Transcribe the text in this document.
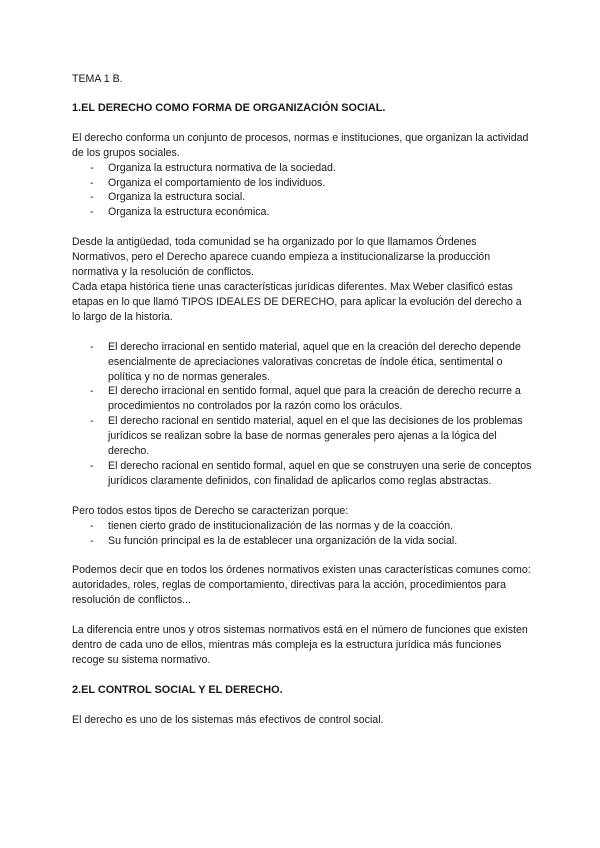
TEMA 1 B.

1.EL DERECHO COMO FORMA DE ORGANIZACIÓN SOCIAL.

El derecho conforma un conjunto de procesos, normas e instituciones, que organizan la actividad de los grupos sociales.

- Organiza la estructura normativa de la sociedad.
- Organiza el comportamiento de los individuos.
- Organiza la estructura social.
- Organiza la estructura económica.

Desde la antigüedad, toda comunidad se ha organizado por lo que llamamos Órdenes Normativos, pero el Derecho aparece cuando empieza a institucionalizarse la producción normativa y la resolución de conflictos.

Cada etapa histórica tiene unas características jurídicas diferentes. Max Weber clasificó estas etapas en lo que llamó TIPOS IDEALES DE DERECHO, para aplicar la evolución del derecho a lo largo de la historia.

- El derecho irracional en sentido material, aquel que en la creación del derecho depende esencialmente de apreciaciones valorativas concretas de índole ética, sentimental o política y no de normas generales.
- El derecho irracional en sentido formal, aquel que para la creación de derecho recurre a procedimientos no controlados por la razón como los oráculos.
- El derecho racional en sentido material, aquel en el que las decisiones de los problemas jurídicos se realizan sobre la base de normas generales pero ajenas a la lógica del derecho.
- El derecho racional en sentido formal, aquel en que se construyen una serie de conceptos jurídicos claramente definidos, con finalidad de aplicarlos como reglas abstractas.

Pero todos estos tipos de Derecho se caracterizan porque:

- tienen cierto grado de institucionalización de las normas y de la coacción.
- Su función principal es la de establecer una organización de la vida social.

Podemos decir que en todos los órdenes normativos existen unas características comunes como: autoridades, roles, reglas de comportamiento, directivas para la acción, procedimientos para resolución de conflictos...

La diferencia entre unos y otros sistemas normativos está en el número de funciones que existen dentro de cada uno de ellos, mientras más compleja es la estructura jurídica más funciones recoge su sistema normativo.

2.EL CONTROL SOCIAL Y EL DERECHO.

El derecho es uno de los sistemas más efectivos de control social.
